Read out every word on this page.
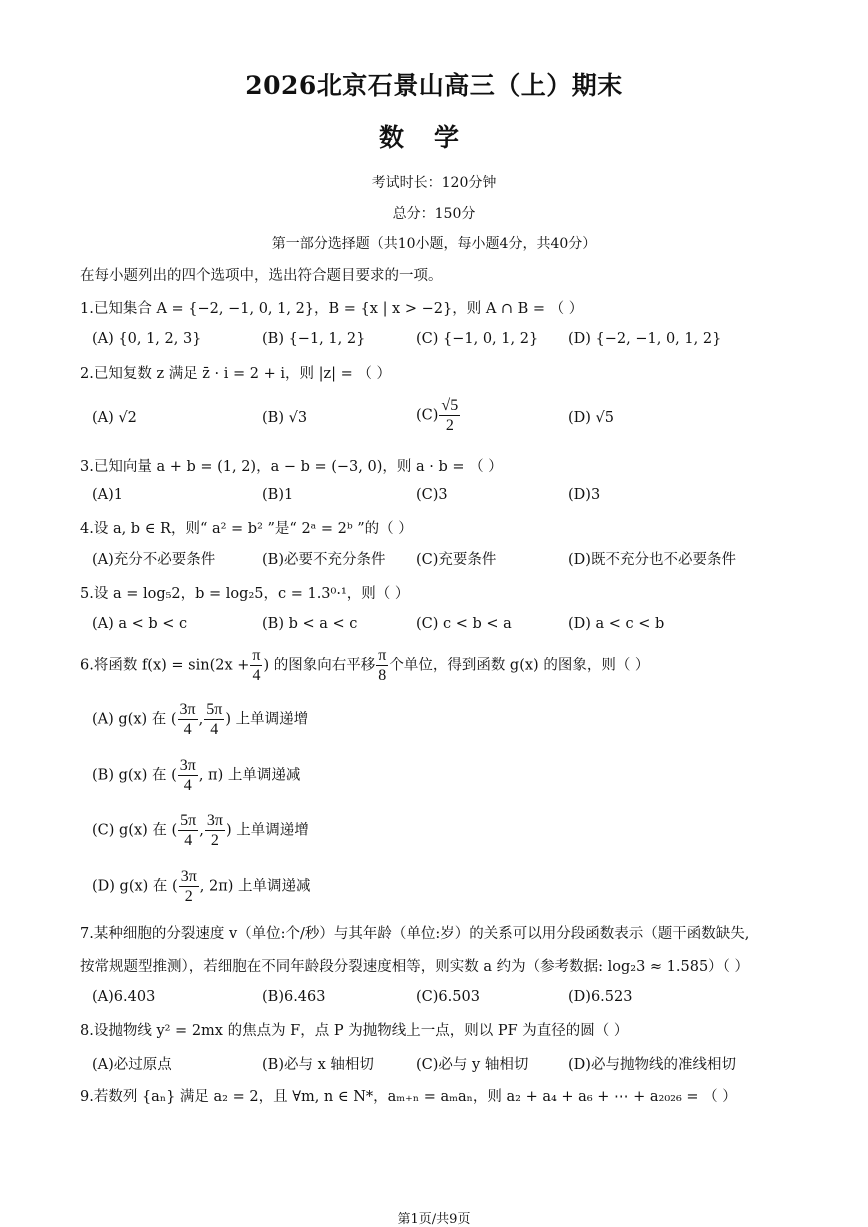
2026北京石景山高三（上）期末
数学
考试时长：120分钟
总分：150分
第一部分选择题（共10小题，每小题4分，共40分）
在每小题列出的四个选项中，选出符合题目要求的一项。
1.已知集合 A = {−2, −1, 0, 1, 2}，B = {x | x > −2}，则 A ∩ B = （ ）
(A) {0, 1, 2, 3}	(B) {−1, 1, 2}	(C) {−1, 0, 1, 2} (D) {−2, −1, 0, 1, 2}
2.已知复数 z 满足 z̄ · i = 2 + i，则 |z| = （ ）
(A) √2	(B) √3	$(C) \frac{√5}{2}$	(D) √5
3.已知向量 a + b = (1, 2)，a − b = (−3, 0)，则 a · b = （ ）
(A)1	(B)1	(C)3	(D)3
4.设 a, b ∈ R，则“ a² = b² ”是“ 2ᵃ = 2ᵇ ”的（ ）
(A)充分不必要条件	(B)必要不充分条件 (C)充要条件	(D)既不充分也不必要条件
5.设 a = log₅2，b = log₂5，c = 1.3⁰·¹，则（ ）
(A) a < b < c	(B) b < a < c	(C) c < b < a	(D) a < c < b
6.将函数 $f(x) = \sin(2x + \frac{\pi}{4}$ ) 的图象向右平移 $\frac{\pi}{8}$ 个单位，得到函数 g(x) 的图象，则（ ）
(A) g(x) 在 ( $\frac{3\pi}{4}$ , $\frac{5\pi}{4}$ ) 上单调递增
(B) g(x) 在 ( $\frac{3\pi}{4}$ , π) 上单调递减
(C) g(x) 在 ( $\frac{5\pi}{4}$ , $\frac{3\pi}{2}$ ) 上单调递增
(D) g(x) 在 ( $\frac{3\pi}{2}$ , 2π) 上单调递减
7.某种细胞的分裂速度 v（单位:个/秒）与其年龄（单位:岁）的关系可以用分段函数表示（题干函数缺失,
按常规题型推测），若细胞在不同年龄段分裂速度相等，则实数 a 约为（参考数据: log₂3 ≈ 1.585）（ ）
(A)6.403	(B)6.463	(C)6.503	(D)6.523
8.设抛物线 y² = 2mx 的焦点为 F，点 P 为抛物线上一点，则以 PF 为直径的圆（ ）
(A)必过原点	(B)必与 x 轴相切	(C)必与 y 轴相切	(D)必与抛物线的准线相切
9.若数列 {aₙ} 满足 a₂ = 2，且 ∀m, n ∈ N*，aₘ₊ₙ = aₘaₙ，则 a₂ + a₄ + a₆ + ⋯ + a₂₀₂₆ = （ ）
第1页/共9页
